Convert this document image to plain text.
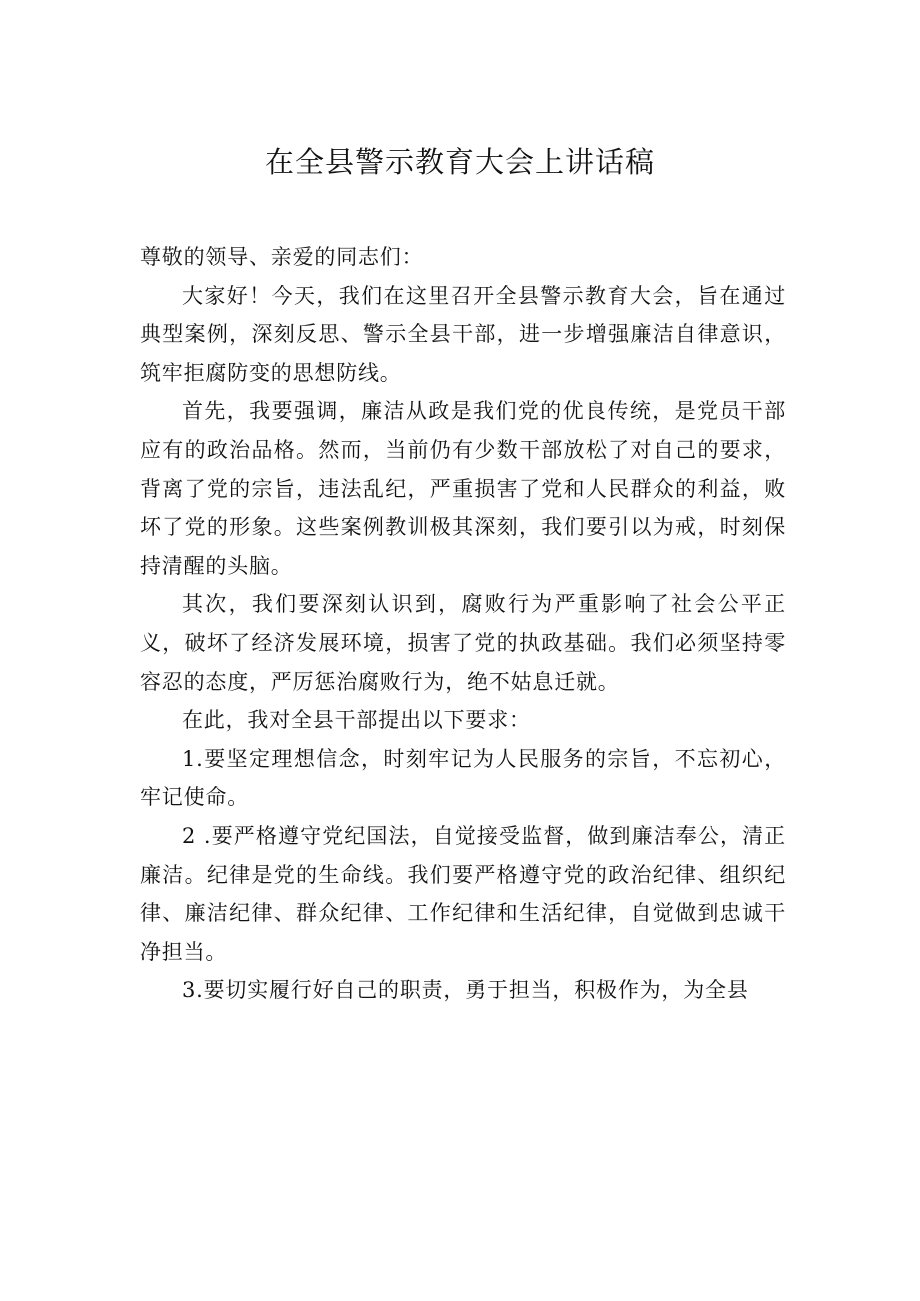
在全县警示教育大会上讲话稿

尊敬的领导、亲爱的同志们：

大家好！今天，我们在这里召开全县警示教育大会，旨在通过典型案例，深刻反思、警示全县干部，进一步增强廉洁自律意识，筑牢拒腐防变的思想防线。

首先，我要强调，廉洁从政是我们党的优良传统，是党员干部应有的政治品格。然而，当前仍有少数干部放松了对自己的要求，背离了党的宗旨，违法乱纪，严重损害了党和人民群众的利益，败坏了党的形象。这些案例教训极其深刻，我们要引以为戒，时刻保持清醒的头脑。

其次，我们要深刻认识到，腐败行为严重影响了社会公平正义，破坏了经济发展环境，损害了党的执政基础。我们必须坚持零容忍的态度，严厉惩治腐败行为，绝不姑息迁就。

在此，我对全县干部提出以下要求：

1.要坚定理想信念，时刻牢记为人民服务的宗旨，不忘初心，牢记使命。

2 .要严格遵守党纪国法，自觉接受监督，做到廉洁奉公，清正廉洁。纪律是党的生命线。我们要严格遵守党的政治纪律、组织纪律、廉洁纪律、群众纪律、工作纪律和生活纪律，自觉做到忠诚干净担当。

3.要切实履行好自己的职责，勇于担当，积极作为，为全县
